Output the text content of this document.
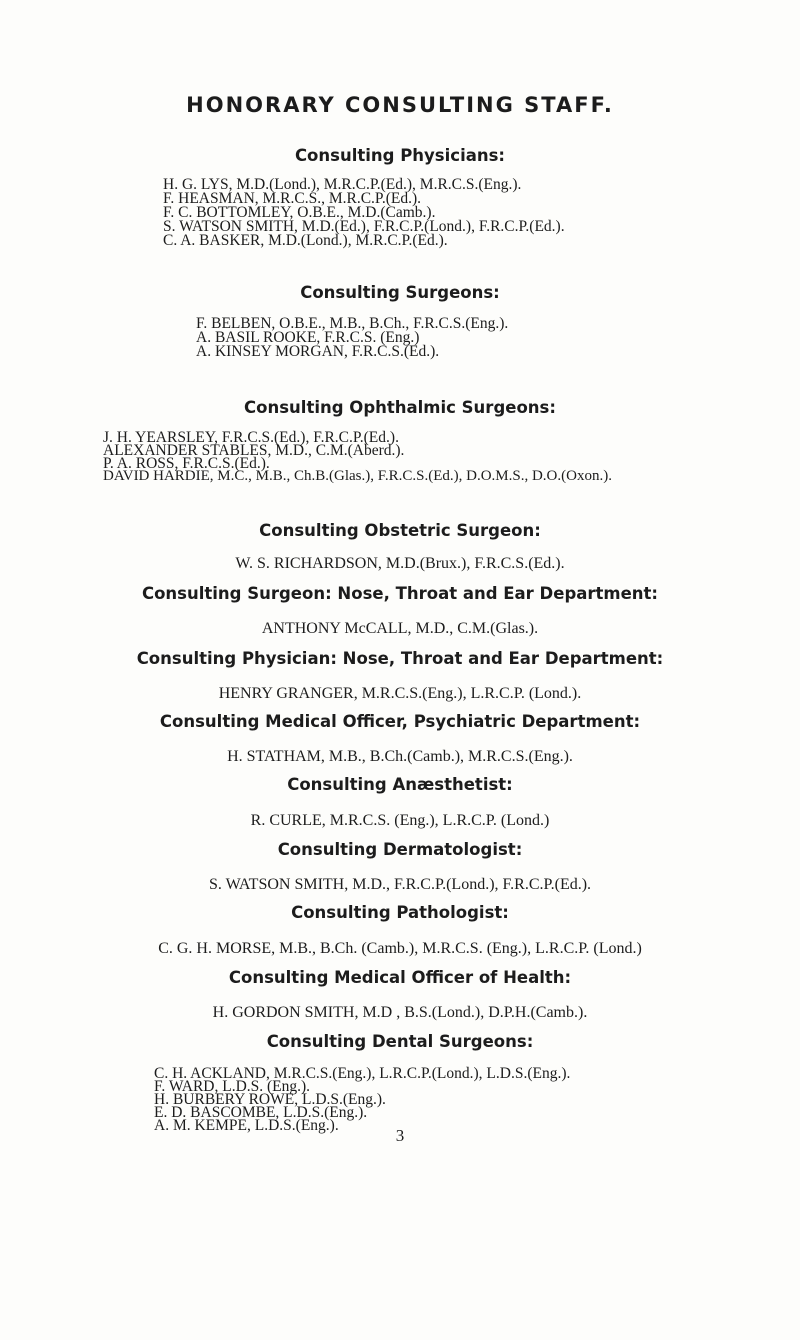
HONORARY CONSULTING STAFF.
Consulting Physicians:
H. G. LYS, M.D.(Lond.), M.R.C.P.(Ed.), M.R.C.S.(Eng.).
F. HEASMAN, M.R.C.S., M.R.C.P.(Ed.).
F. C. BOTTOMLEY, O.B.E., M.D.(Camb.).
S. WATSON SMITH, M.D.(Ed.), F.R.C.P.(Lond.), F.R.C.P.(Ed.).
C. A. BASKER, M.D.(Lond.), M.R.C.P.(Ed.).
Consulting Surgeons:
F. BELBEN, O.B.E., M.B., B.Ch., F.R.C.S.(Eng.).
A. BASIL ROOKE, F.R.C.S. (Eng.)
A. KINSEY MORGAN, F.R.C.S.(Ed.).
Consulting Ophthalmic Surgeons:
J. H. YEARSLEY, F.R.C.S.(Ed.), F.R.C.P.(Ed.).
ALEXANDER STABLES, M.D., C.M.(Aberd.).
P. A. ROSS, F.R.C.S.(Ed.).
DAVID HARDIE, M.C., M.B., Ch.B.(Glas.), F.R.C.S.(Ed.), D.O.M.S., D.O.(Oxon.).
Consulting Obstetric Surgeon:
W. S. RICHARDSON, M.D.(Brux.), F.R.C.S.(Ed.).
Consulting Surgeon: Nose, Throat and Ear Department:
ANTHONY McCALL, M.D., C.M.(Glas.).
Consulting Physician: Nose, Throat and Ear Department:
HENRY GRANGER, M.R.C.S.(Eng.), L.R.C.P. (Lond.).
Consulting Medical Officer, Psychiatric Department:
H. STATHAM, M.B., B.Ch.(Camb.), M.R.C.S.(Eng.).
Consulting Anæsthetist:
R. CURLE, M.R.C.S. (Eng.), L.R.C.P. (Lond.)
Consulting Dermatologist:
S. WATSON SMITH, M.D., F.R.C.P.(Lond.), F.R.C.P.(Ed.).
Consulting Pathologist:
C. G. H. MORSE, M.B., B.Ch. (Camb.), M.R.C.S. (Eng.), L.R.C.P. (Lond.)
Consulting Medical Officer of Health:
H. GORDON SMITH, M.D , B.S.(Lond.), D.P.H.(Camb.).
Consulting Dental Surgeons:
C. H. ACKLAND, M.R.C.S.(Eng.), L.R.C.P.(Lond.), L.D.S.(Eng.).
F. WARD, L.D.S. (Eng.).
H. BURBERY ROWE, L.D.S.(Eng.).
E. D. BASCOMBE, L.D.S.(Eng.).
A. M. KEMPE, L.D.S.(Eng.).
3
